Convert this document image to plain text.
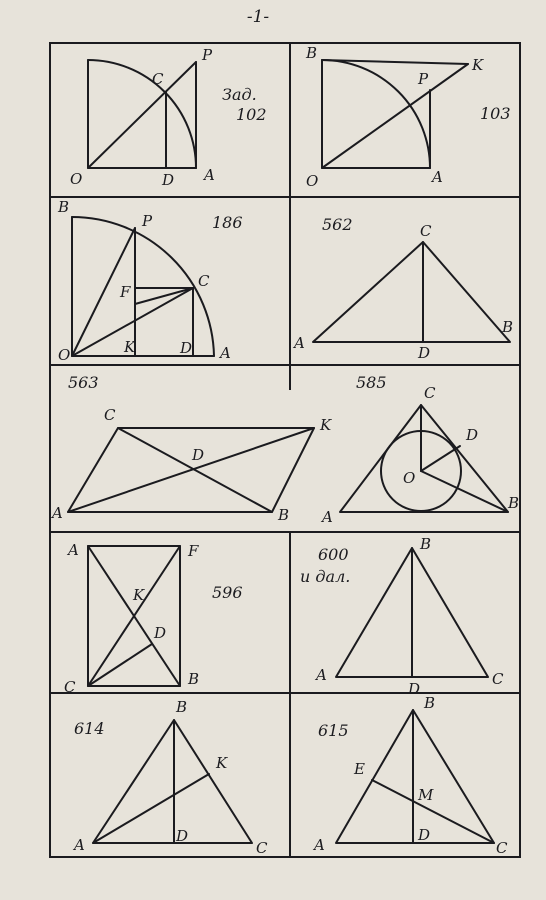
-1-
Зад.
102
P
C
O	D A
103
B
K
P
O	A
186
B
P
F
C
O	K	D A
562	C
A
D
B
563
C
K
D
A	B
585
C
D
O
A
B
596
A	F
K
D
C	B
600
и дал.
B
A
D
C
614
B
K
A	D
C
615
B
E
M
A
D
C
